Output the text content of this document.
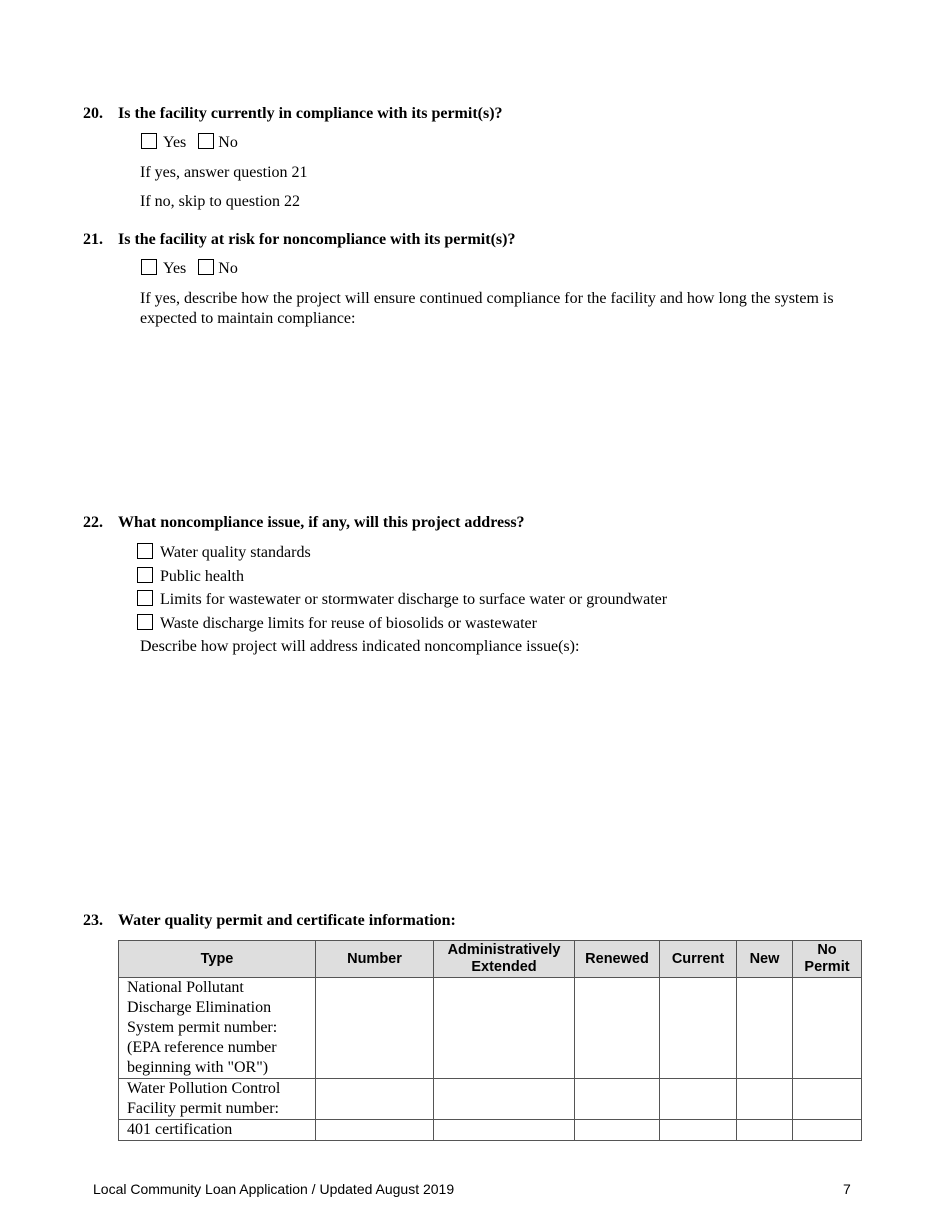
20. Is the facility currently in compliance with its permit(s)?
Yes No
If yes, answer question 21
If no, skip to question 22
21. Is the facility at risk for noncompliance with its permit(s)?
Yes No
If yes, describe how the project will ensure continued compliance for the facility and how long the system is expected to maintain compliance:
22. What noncompliance issue, if any, will this project address?
Water quality standards
Public health
Limits for wastewater or stormwater discharge to surface water or groundwater
Waste discharge limits for reuse of biosolids or wastewater
Describe how project will address indicated noncompliance issue(s):
23. Water quality permit and certificate information:
Type	Number	Administratively Extended	Renewed	Current	New	No Permit
National Pollutant Discharge Elimination System permit number: (EPA reference number beginning with "OR")						
Water Pollution Control Facility permit number:						
401 certification						
Local Community Loan Application / Updated August 2019	7
